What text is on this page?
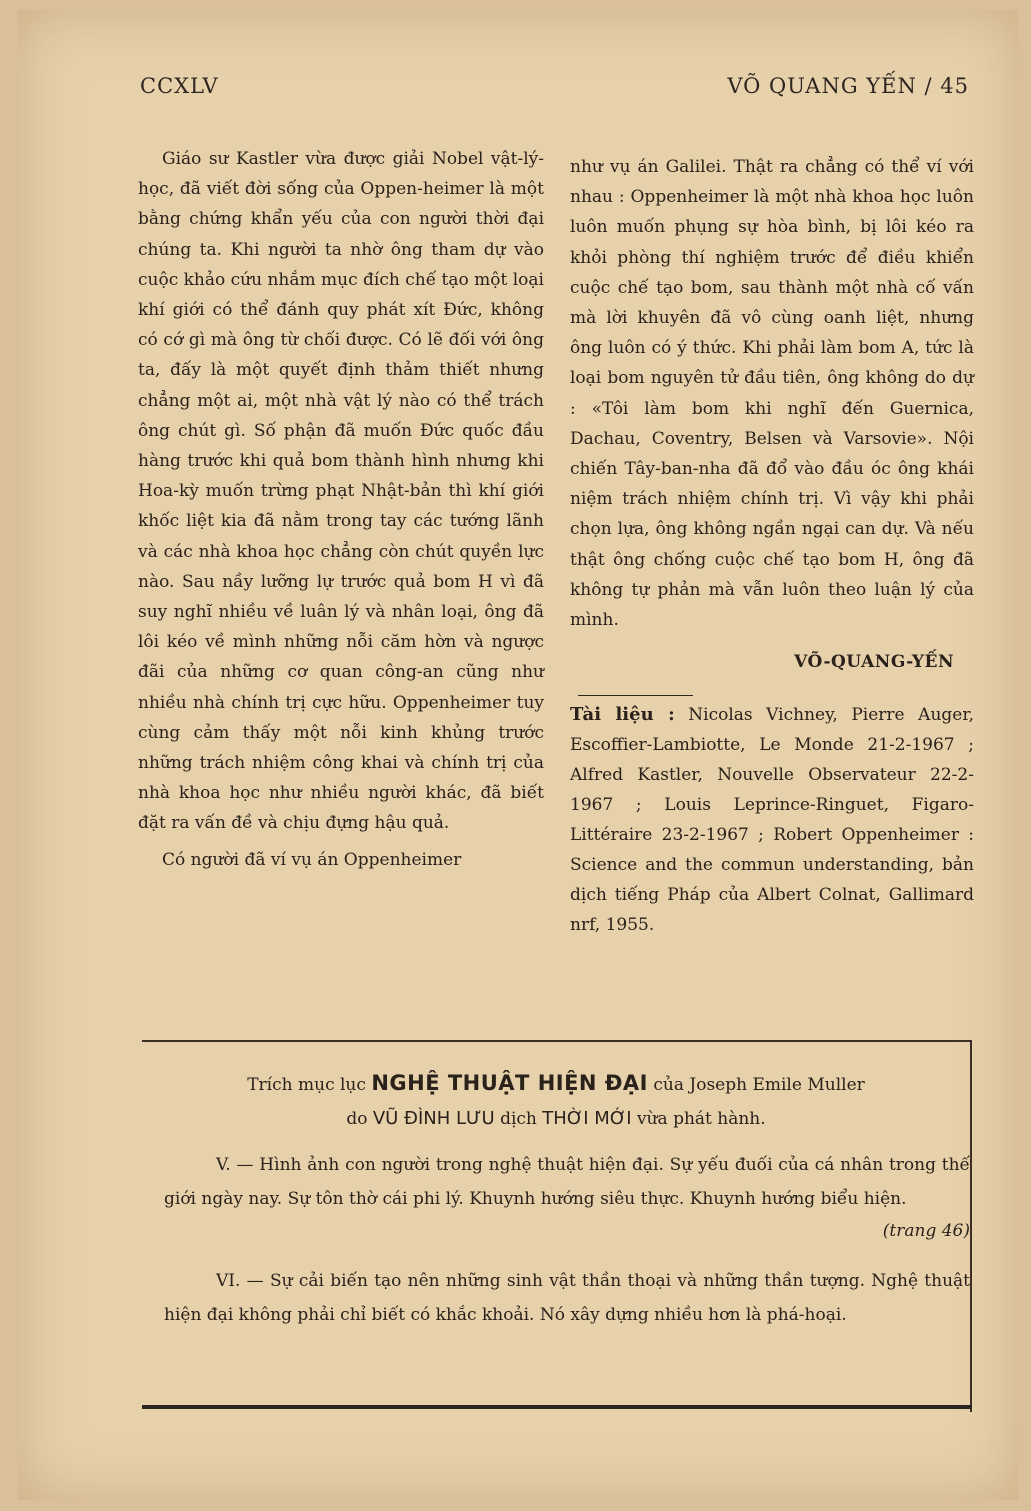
CCXLV	VÕ QUANG YẾN / 45

Giáo sư Kastler vừa được giải Nobel vật-lý-học, đã viết đời sống của Oppen-heimer là một bằng chứng khẩn yếu của con người thời đại chúng ta. Khi người ta nhờ ông tham dự vào cuộc khảo cứu nhắm mục đích chế tạo một loại khí giới có thể đánh quy phát xít Đức, không có cớ gì mà ông từ chối được. Có lẽ đối với ông ta, đấy là một quyết định thảm thiết nhưng chẳng một ai, một nhà vật lý nào có thể trách ông chút gì. Số phận đã muốn Đức quốc đầu hàng trước khi quả bom thành hình nhưng khi Hoa-kỳ muốn trừng phạt Nhật-bản thì khí giới khốc liệt kia đã nằm trong tay các tướng lãnh và các nhà khoa học chẳng còn chút quyền lực nào. Sau nầy lưỡng lự trước quả bom H vì đã suy nghĩ nhiều về luân lý và nhân loại, ông đã lôi kéo về mình những nỗi căm hờn và ngược đãi của những cơ quan công-an cũng như nhiều nhà chính trị cực hữu. Oppenheimer tuy cùng cảm thấy một nỗi kinh khủng trước những trách nhiệm công khai và chính trị của nhà khoa học như nhiều người khác, đã biết đặt ra vấn đề và chịu đựng hậu quả.

Có người đã ví vụ án Oppenheimer

như vụ án Galilei. Thật ra chẳng có thể ví với nhau : Oppenheimer là một nhà khoa học luôn luôn muốn phụng sự hòa bình, bị lôi kéo ra khỏi phòng thí nghiệm trước để điều khiển cuộc chế tạo bom, sau thành một nhà cố vấn mà lời khuyên đã vô cùng oanh liệt, nhưng ông luôn có ý thức. Khi phải làm bom A, tức là loại bom nguyên tử đầu tiên, ông không do dự : «Tôi làm bom khi nghĩ đến Guernica, Dachau, Coventry, Belsen và Varsovie». Nội chiến Tây-ban-nha đã đổ vào đầu óc ông khái niệm trách nhiệm chính trị. Vì vậy khi phải chọn lựa, ông không ngần ngại can dự. Và nếu thật ông chống cuộc chế tạo bom H, ông đã không tự phản mà vẫn luôn theo luận lý của mình.

VÕ-QUANG-YẾN
Tài liệu : Nicolas Vichney, Pierre Auger, Escoffier-Lambiotte, Le Monde 21-2-1967 ; Alfred Kastler, Nouvelle Observateur 22-2-1967 ; Louis Leprince-Ringuet, Figaro-Littéraire 23-2-1967 ; Robert Oppenheimer : Science and the commun understanding, bản dịch tiếng Pháp của Albert Colnat, Gallimard nrf, 1955.
Trích mục lục NGHỆ THUẬT HIỆN ĐẠI của Joseph Emile Muller
do VŨ ĐÌNH LƯU dịch THỜI MỚI vừa phát hành.

V. — Hình ảnh con người trong nghệ thuật hiện đại. Sự yếu đuối của cá nhân trong thế giới ngày nay. Sự tôn thờ cái phi lý. Khuynh hướng siêu thực. Khuynh hướng biểu hiện.

(trang 46)

VI. — Sự cải biến tạo nên những sinh vật thần thoại và những thần tượng. Nghệ thuật hiện đại không phải chỉ biết có khắc khoải. Nó xây dựng nhiều hơn là phá-hoại.
